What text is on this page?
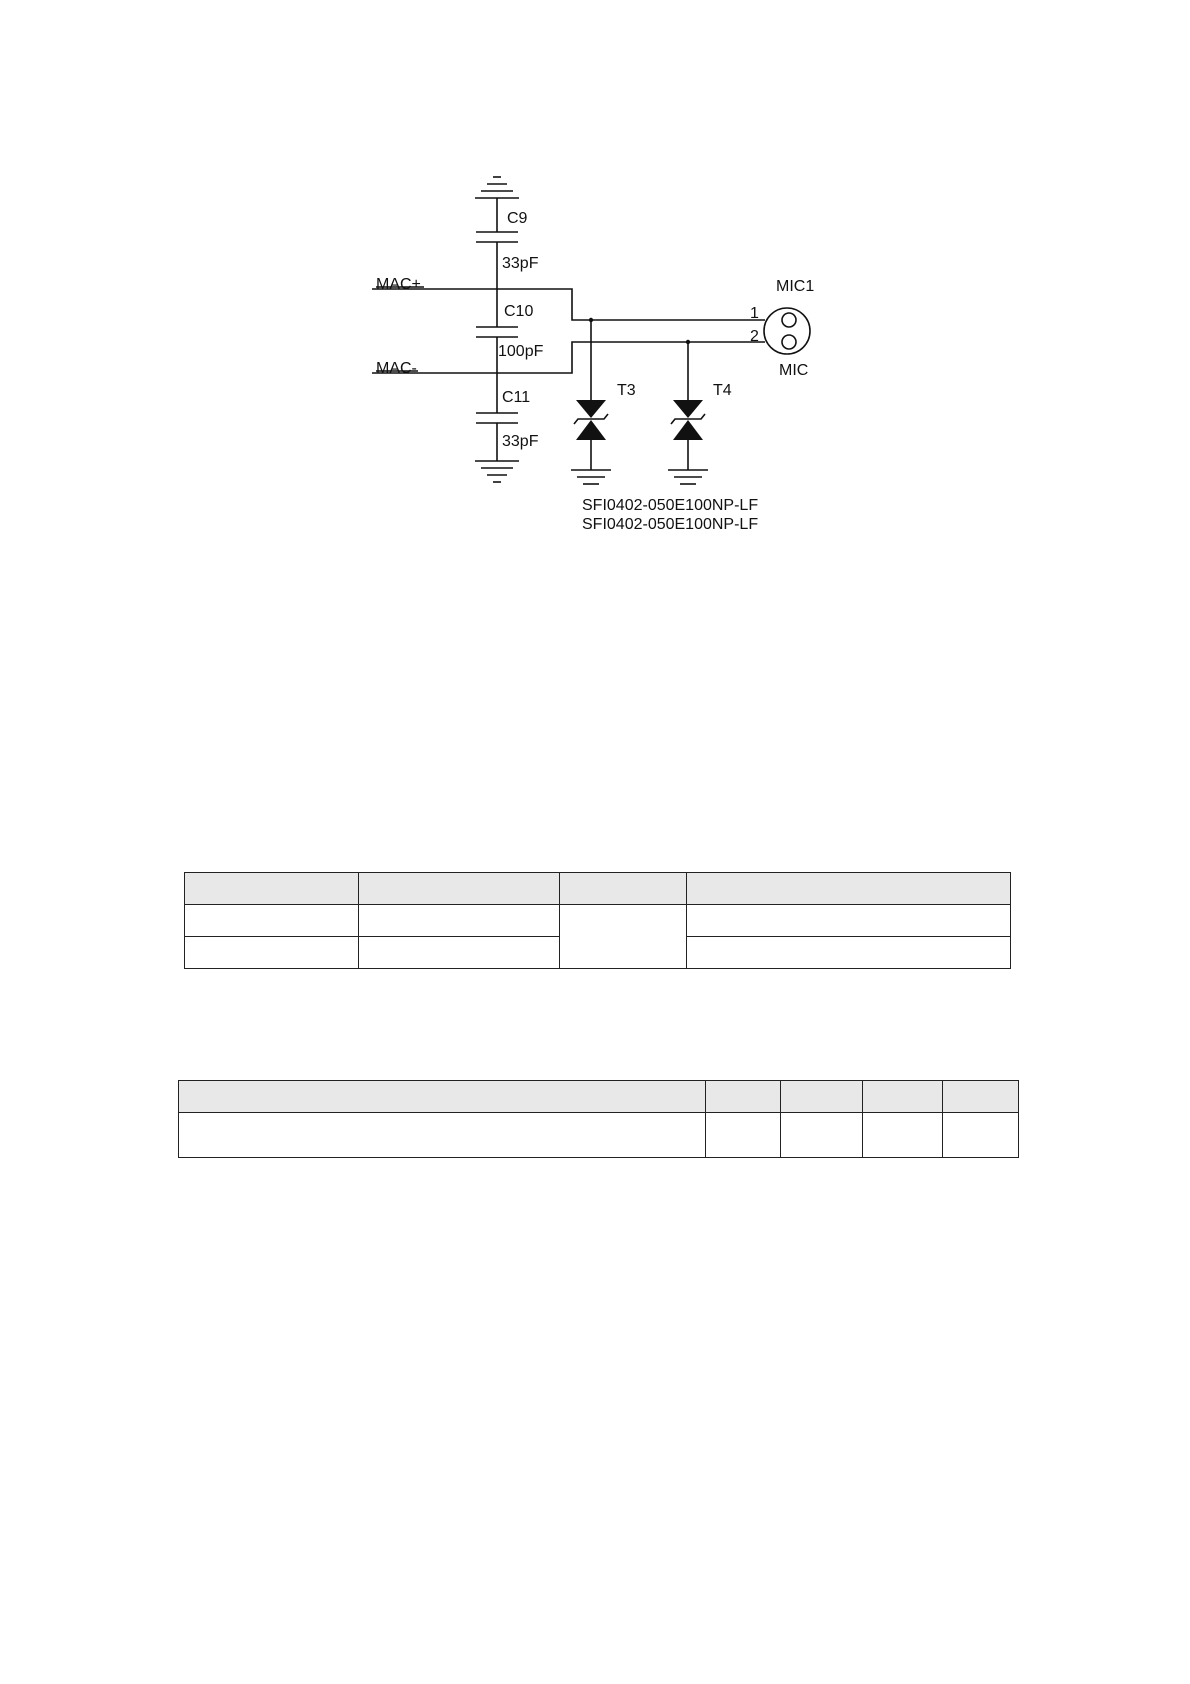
C9
33pF
C10
100pF
C11
33pF
MAC+
MAC-
T3	T4
MIC1
MIC
1
2
SFI0402-050E100NP-LF
SFI0402-050E100NP-LF
